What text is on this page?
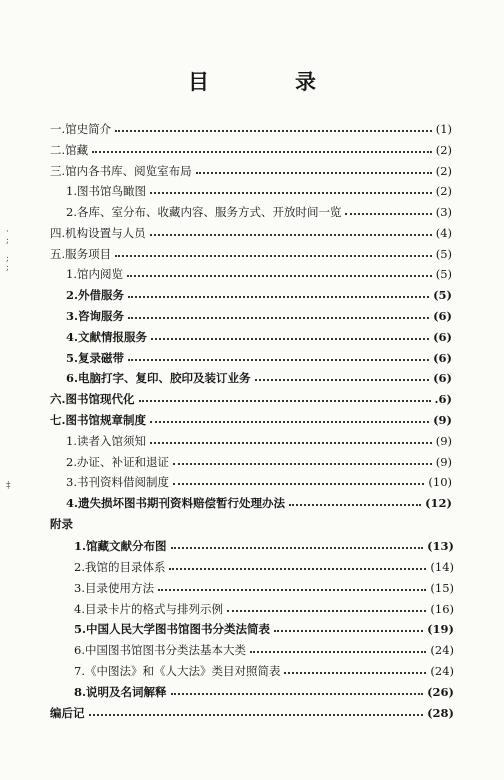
目	录
·
;

;
;
‡
一.馆史简介	(1)
二.馆藏	(2)
三.馆内各书库、阅览室布局	(2)
1.图书馆鸟瞰图	(2)
2.各库、室分布、收藏内容、服务方式、开放时间一览	(3)
四.机构设置与人员	(4)
五.服务项目	(5)
1.馆内阅览	(5)
2.外借服务	(5)
3.咨询服务	(6)
4.文献情报服务	(6)
5.复录磁带	(6)
6.电脑打字、复印、胶印及装订业务	(6)
六.图书馆现代化	.6)
七.图书馆规章制度	(9)
1.读者入馆须知	(9)
2.办证、补证和退证	(9)
3.书刊资料借阅制度	(10)
4.遗失损坏图书期刊资料赔偿暂行处理办法	(12)
附录
1.馆藏文献分布图	(13)
2.我馆的目录体系	(14)
3.目录使用方法	(15)
4.目录卡片的格式与排列示例	(16)
5.中国人民大学图书馆图书分类法简表	(19)
6.中国图书馆图书分类法基本大类	(24)
7.《中图法》和《人大法》类目对照简表	(24)
8.说明及名词解释	(26)
编后记	(28)
